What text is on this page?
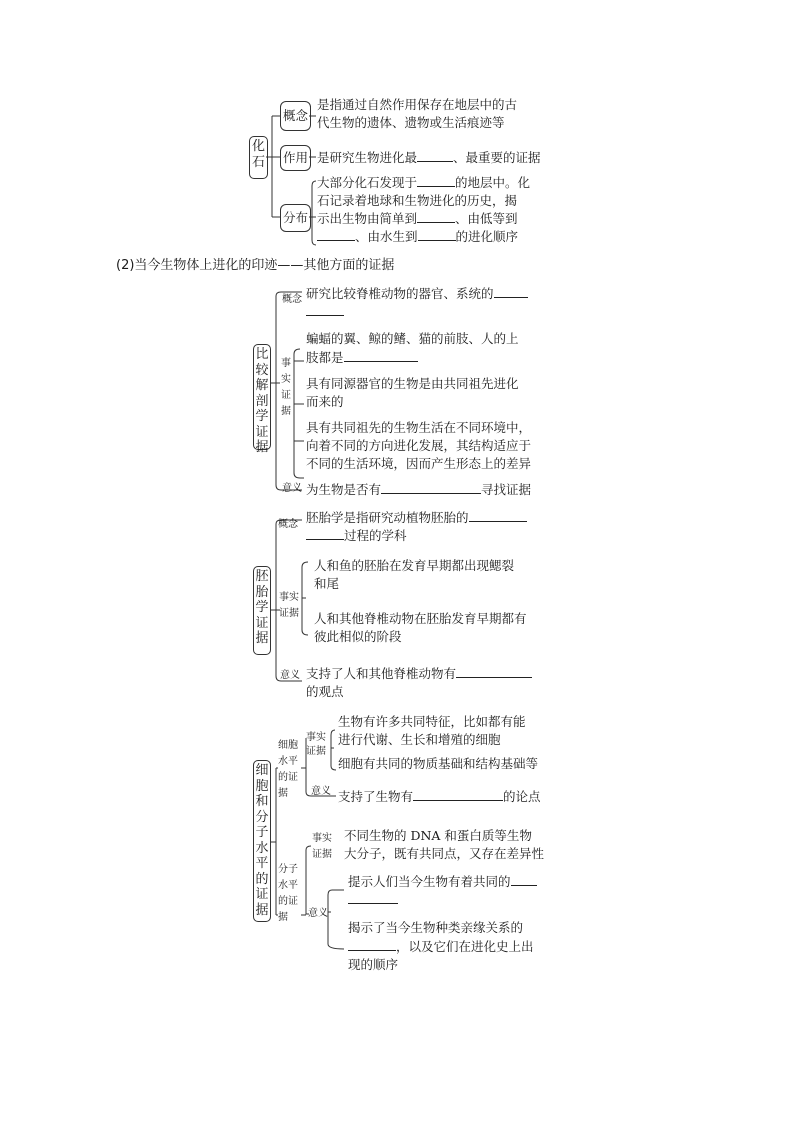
化石
概念
是指通过自然作用保存在地层中的古
代生物的遗体、遗物或生活痕迹等
作用 是研究生物进化最	、最重要的证据
分布
大部分化石发现于	的地层中。化
石记录着地球和生物进化的历史，揭
示出生物由简单到	、由低等到
、由水生到	的进化顺序
(2)当今生物体上进化的印迹——其他方面的证据
比较解剖学证据
概念 研究比较脊椎动物的器官、系统的
事实证据
蝙蝠的翼、鲸的鳍、猫的前肢、人的上
肢都是
具有同源器官的生物是由共同祖先进化
而来的
具有共同祖先的生物生活在不同环境中，
向着不同的方向进化发展，其结构适应于
不同的生活环境，因而产生形态上的差异
意义 为生物是否有	寻找证据
胚胎学证据
概念 胚胎学是指研究动植物胚胎的
过程的学科
事实证据
人和鱼的胚胎在发育早期都出现鳃裂
和尾
人和其他脊椎动物在胚胎发育早期都有
彼此相似的阶段
意义 支持了人和其他脊椎动物有
的观点
细胞和分子水平的证据
细胞水平的证据
事实证据
生物有许多共同特征，比如都有能
进行代谢、生长和增殖的细胞
细胞有共同的物质基础和结构基础等
意义 支持了生物有	的论点
分子水平的证据
事实证据
不同生物的 DNA 和蛋白质等生物
大分子，既有共同点，又存在差异性
意义
提示人们当今生物有着共同的
揭示了当今生物种类亲缘关系的
，以及它们在进化史上出
现的顺序
